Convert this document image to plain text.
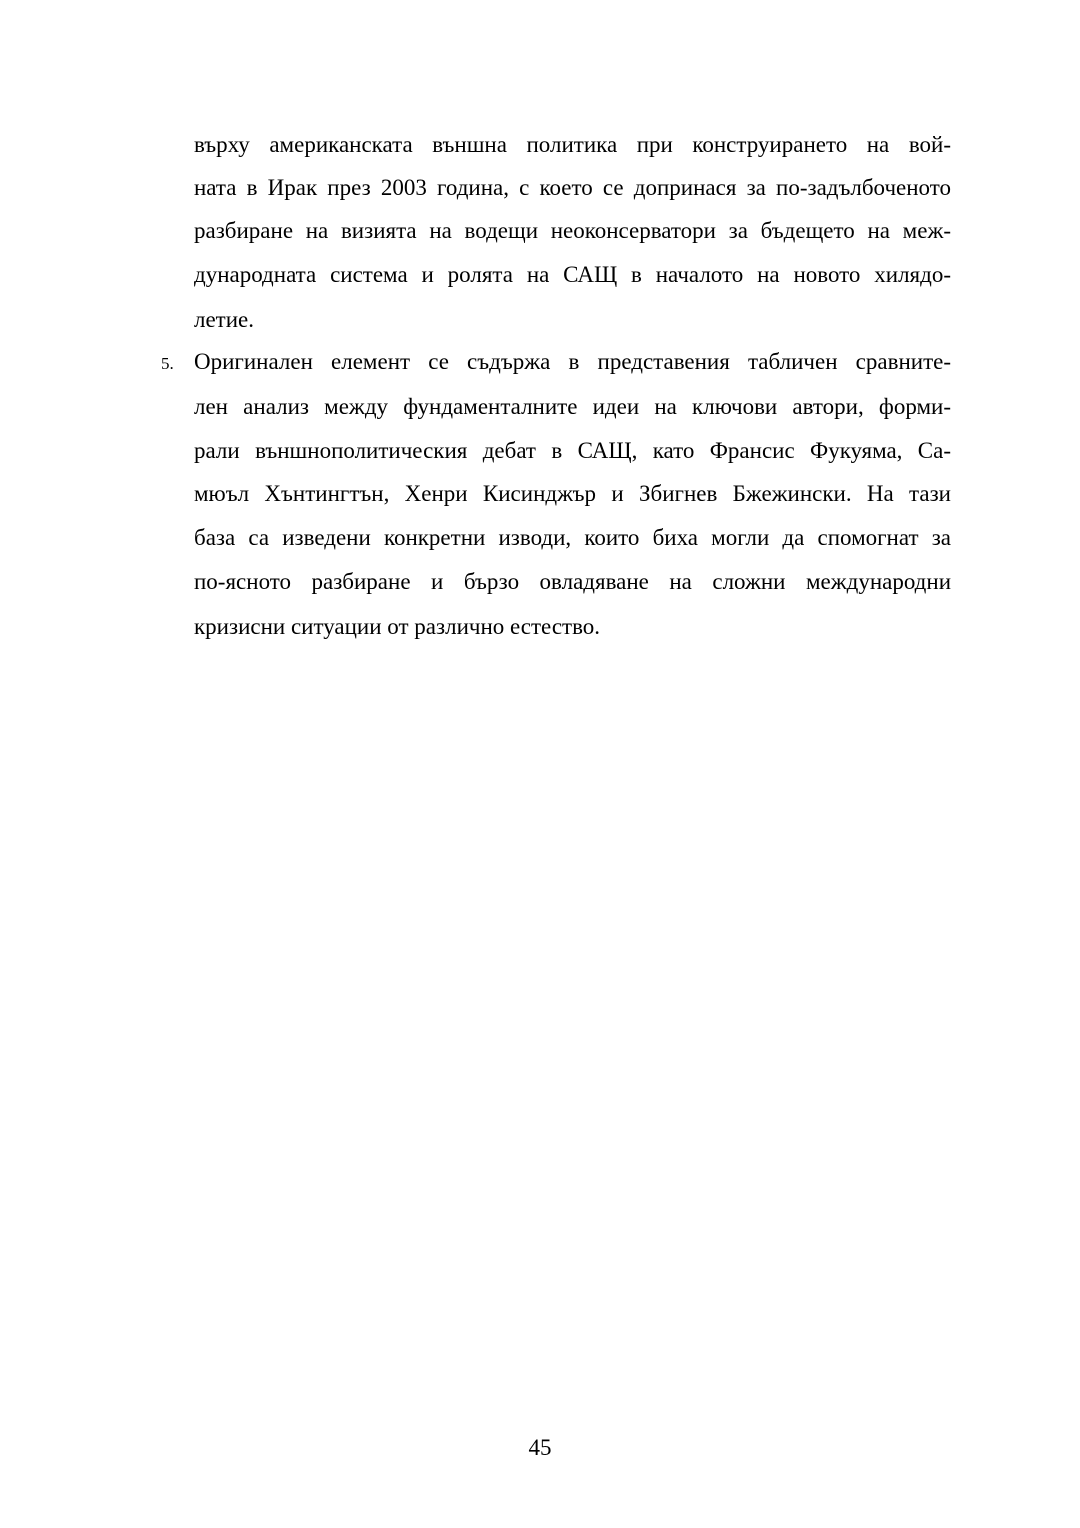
върху американската външна политика при конструирането на вой-
ната в Ирак през 2003 година, с което се допринася за по-задълбоченото
разбиране на визията на водещи неоконсерватори за бъдещето на меж-
дународната система и ролята на САЩ в началото на новото хилядо-
летие.
5. Оригинален елемент се съдържа в представения табличен сравните-
лен анализ между фундаменталните идеи на ключови автори, форми-
рали външнополитическия дебат в САЩ, като Франсис Фукуяма, Са-
мюъл Хънтингтън, Хенри Кисинджър и Збигнев Бжежински. На тази
база са изведени конкретни изводи, които биха могли да спомогнат за
по-ясното разбиране и бързо овладяване на сложни международни
кризисни ситуации от различно естество.
45
